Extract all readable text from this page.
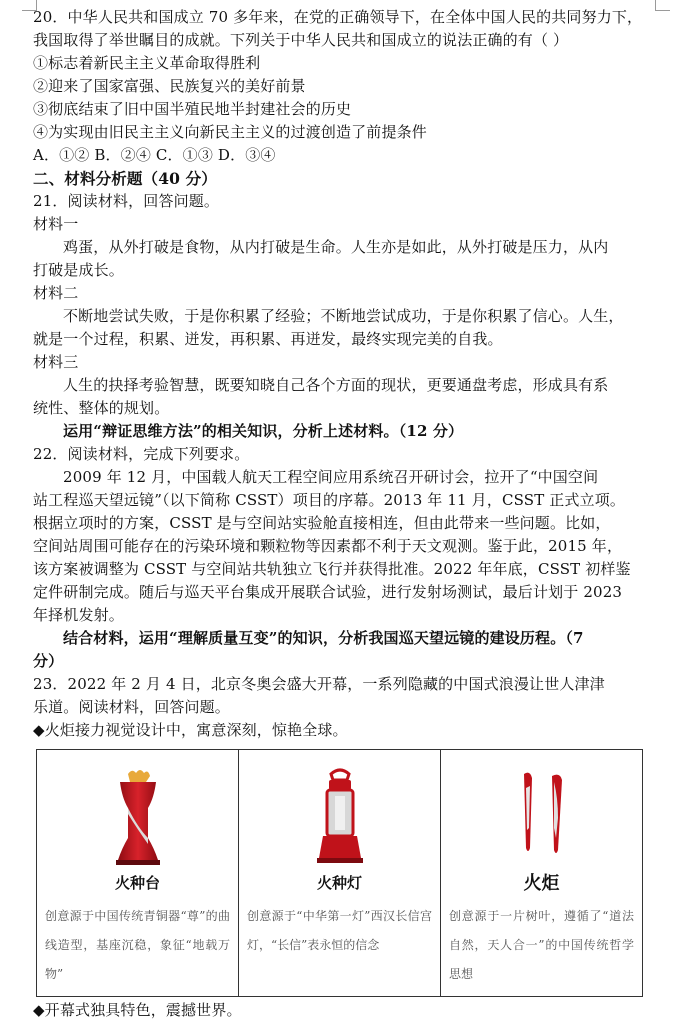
20．中华人民共和国成立 70 多年来，在党的正确领导下，在全体中国人民的共同努力下，
我国取得了举世瞩目的成就。下列关于中华人民共和国成立的说法正确的有（ ）
①标志着新民主主义革命取得胜利
②迎来了国家富强、民族复兴的美好前景
③彻底结束了旧中国半殖民地半封建社会的历史
④为实现由旧民主主义向新民主主义的过渡创造了前提条件
A．①② B．②④ C．①③ D．③④
二、材料分析题（40 分）
21．阅读材料，回答问题。
材料一
鸡蛋，从外打破是食物，从内打破是生命。人生亦是如此，从外打破是压力，从内
打破是成长。
材料二
不断地尝试失败，于是你积累了经验；不断地尝试成功，于是你积累了信心。人生，
就是一个过程，积累、迸发，再积累、再迸发，最终实现完美的自我。
材料三
人生的抉择考验智慧，既要知晓自己各个方面的现状，更要通盘考虑，形成具有系
统性、整体的规划。
运用“辩证思维方法”的相关知识，分析上述材料。（12 分）
22．阅读材料，完成下列要求。
2009 年 12 月，中国载人航天工程空间应用系统召开研讨会，拉开了“中国空间
站工程巡天望远镜”（以下简称 CSST）项目的序幕。2013 年 11 月，CSST 正式立项。
根据立项时的方案，CSST 是与空间站实验舱直接相连，但由此带来一些问题。比如，
空间站周围可能存在的污染环境和颗粒物等因素都不利于天文观测。鉴于此，2015 年，
该方案被调整为 CSST 与空间站共轨独立飞行并获得批准。2022 年年底，CSST 初样鉴
定件研制完成。随后与巡天平台集成开展联合试验，进行发射场测试，最后计划于 2023
年择机发射。
结合材料，运用“理解质量互变”的知识，分析我国巡天望远镜的建设历程。（7
分）
23．2022 年 2 月 4 日，北京冬奥会盛大开幕，一系列隐藏的中国式浪漫让世人津津
乐道。阅读材料，回答问题。
◆火炬接力视觉设计中，寓意深刻，惊艳全球。
火种台
创意源于中国传统青铜器“尊”的曲线造型，基座沉稳，象征“地载万物”
火种灯
创意源于“中华第一灯”西汉长信宫灯，“长信”表永恒的信念
火炬
创意源于一片树叶，遵循了“道法自然，天人合一”的中国传统哲学思想
◆开幕式独具特色，震撼世界。
